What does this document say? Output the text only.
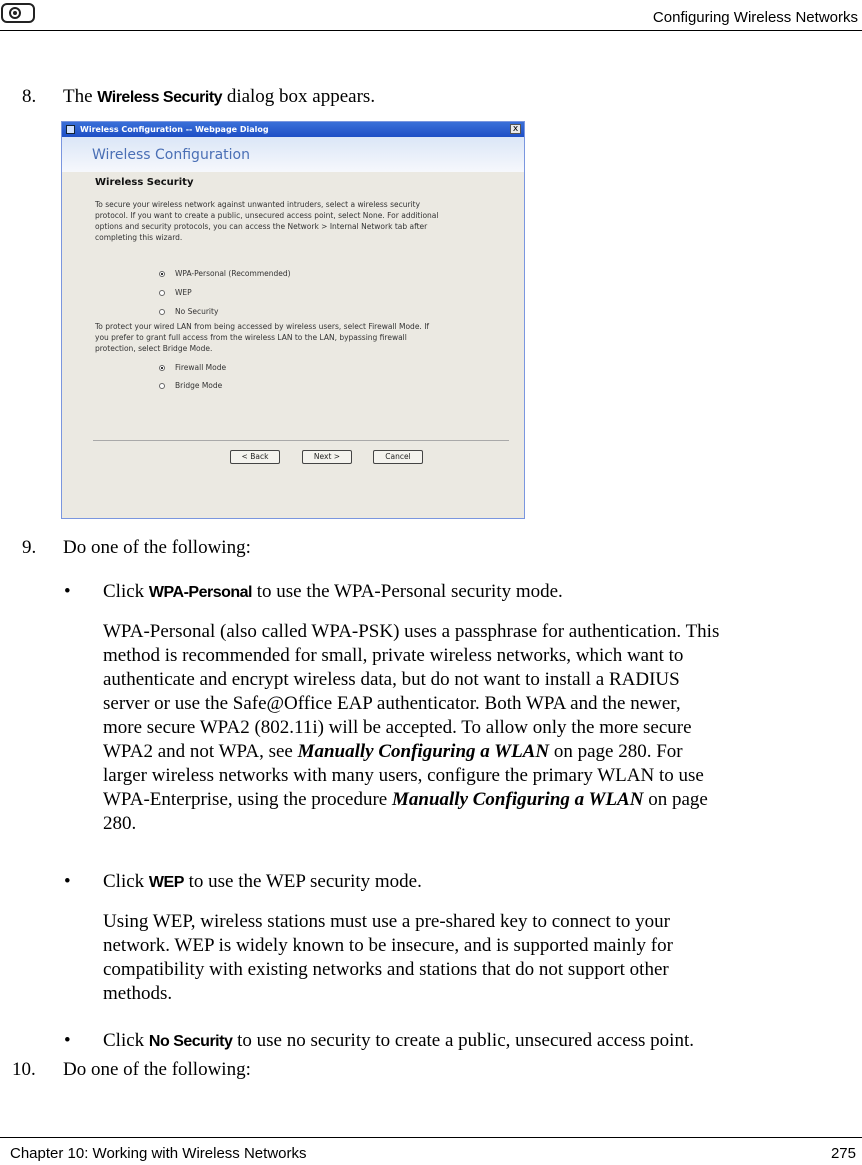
Configuring Wireless Networks
8. The Wireless Security dialog box appears.
Wireless Configuration -- Webpage Dialog	x
Wireless Configuration
Wireless Security
To secure your wireless network against unwanted intruders, select a wireless security
protocol. If you want to create a public, unsecured access point, select None. For additional
options and security protocols, you can access the Network > Internal Network tab after
completing this wizard.
WPA-Personal (Recommended)
WEP
No Security
To protect your wired LAN from being accessed by wireless users, select Firewall Mode. If
you prefer to grant full access from the wireless LAN to the LAN, bypassing firewall
protection, select Bridge Mode.
Firewall Mode
Bridge Mode
< Back	Next >	Cancel
9. Do one of the following:
• Click WPA-Personal to use the WPA-Personal security mode.
WPA-Personal (also called WPA-PSK) uses a passphrase for authentication. This
method is recommended for small, private wireless networks, which want to
authenticate and encrypt wireless data, but do not want to install a RADIUS
server or use the Safe@Office EAP authenticator. Both WPA and the newer,
more secure WPA2 (802.11i) will be accepted. To allow only the more secure
WPA2 and not WPA, see Manually Configuring a WLAN on page 280. For
larger wireless networks with many users, configure the primary WLAN to use
WPA-Enterprise, using the procedure Manually Configuring a WLAN on page
280.
• Click WEP to use the WEP security mode.
Using WEP, wireless stations must use a pre-shared key to connect to your
network. WEP is widely known to be insecure, and is supported mainly for
compatibility with existing networks and stations that do not support other
methods.
• Click No Security to use no security to create a public, unsecured access point.
10. Do one of the following:
Chapter 10: Working with Wireless Networks	275
